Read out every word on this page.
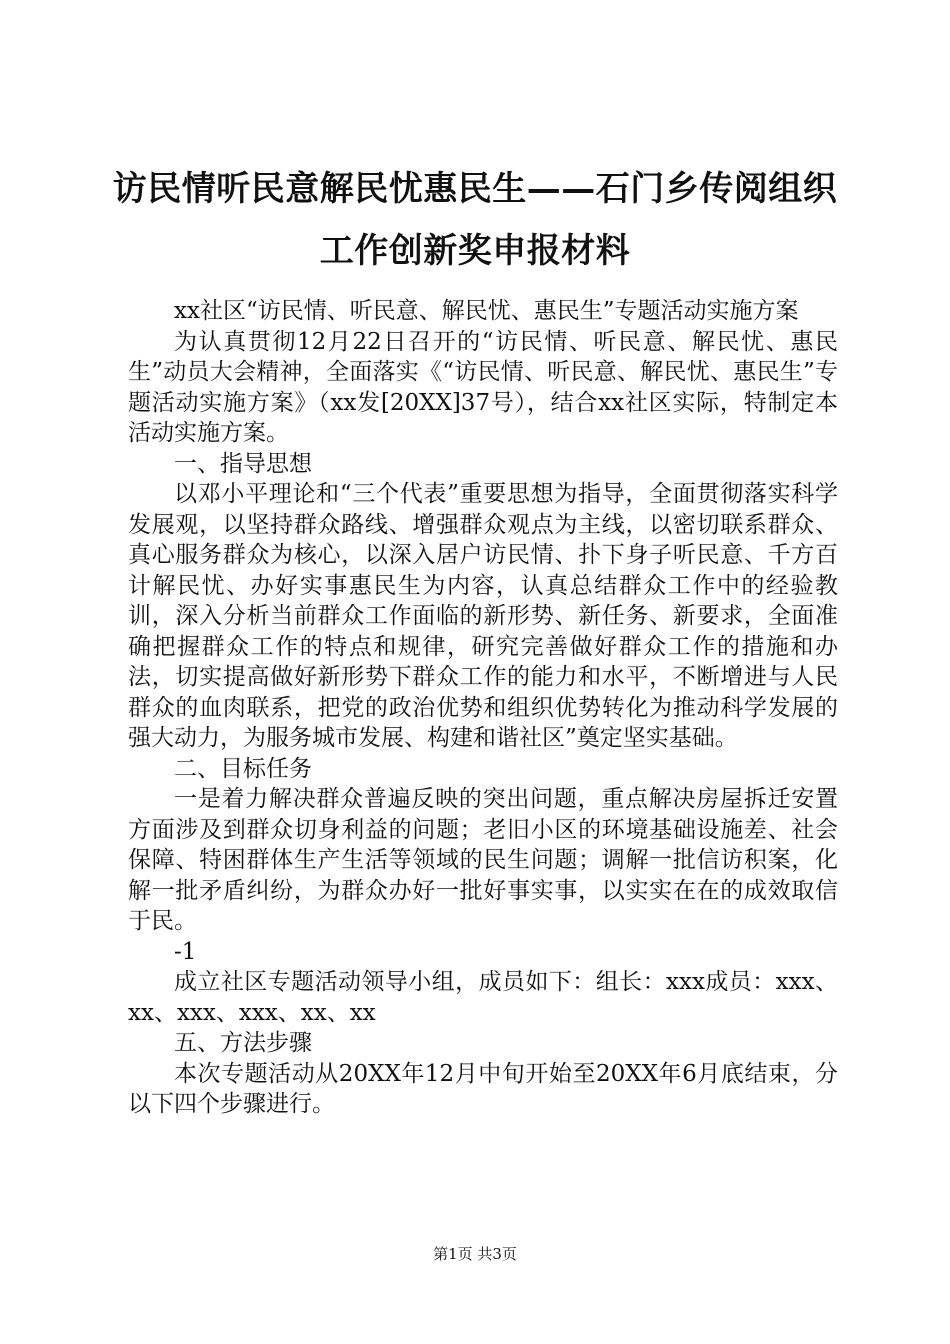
访民情听民意解民忧惠民生——石门乡传阅组织工作创新奖申报材料

xx社区“访民情、听民意、解民忧、惠民生”专题活动实施方案

为认真贯彻12月22日召开的“访民情、听民意、解民忧、惠民生”动员大会精神，全面落实《“访民情、听民意、解民忧、惠民生”专题活动实施方案》（xx发[20XX]37号），结合xx社区实际，特制定本活动实施方案。

一、指导思想

以邓小平理论和“三个代表”重要思想为指导，全面贯彻落实科学发展观，以坚持群众路线、增强群众观点为主线，以密切联系群众、真心服务群众为核心，以深入居户访民情、扑下身子听民意、千方百计解民忧、办好实事惠民生为内容，认真总结群众工作中的经验教训，深入分析当前群众工作面临的新形势、新任务、新要求，全面准确把握群众工作的特点和规律，研究完善做好群众工作的措施和办法，切实提高做好新形势下群众工作的能力和水平，不断增进与人民群众的血肉联系，把党的政治优势和组织优势转化为推动科学发展的强大动力，为服务城市发展、构建和谐社区”奠定坚实基础。

二、目标任务

一是着力解决群众普遍反映的突出问题，重点解决房屋拆迁安置方面涉及到群众切身利益的问题；老旧小区的环境基础设施差、社会保障、特困群体生产生活等领域的民生问题；调解一批信访积案，化解一批矛盾纠纷，为群众办好一批好事实事，以实实在在的成效取信于民。

-1

成立社区专题活动领导小组，成员如下：组长：xxx成员：xxx、xx、xxx、xxx、xx、xx

五、方法步骤

本次专题活动从20XX年12月中旬开始至20XX年6月底结束，分以下四个步骤进行。

第1页 共3页
